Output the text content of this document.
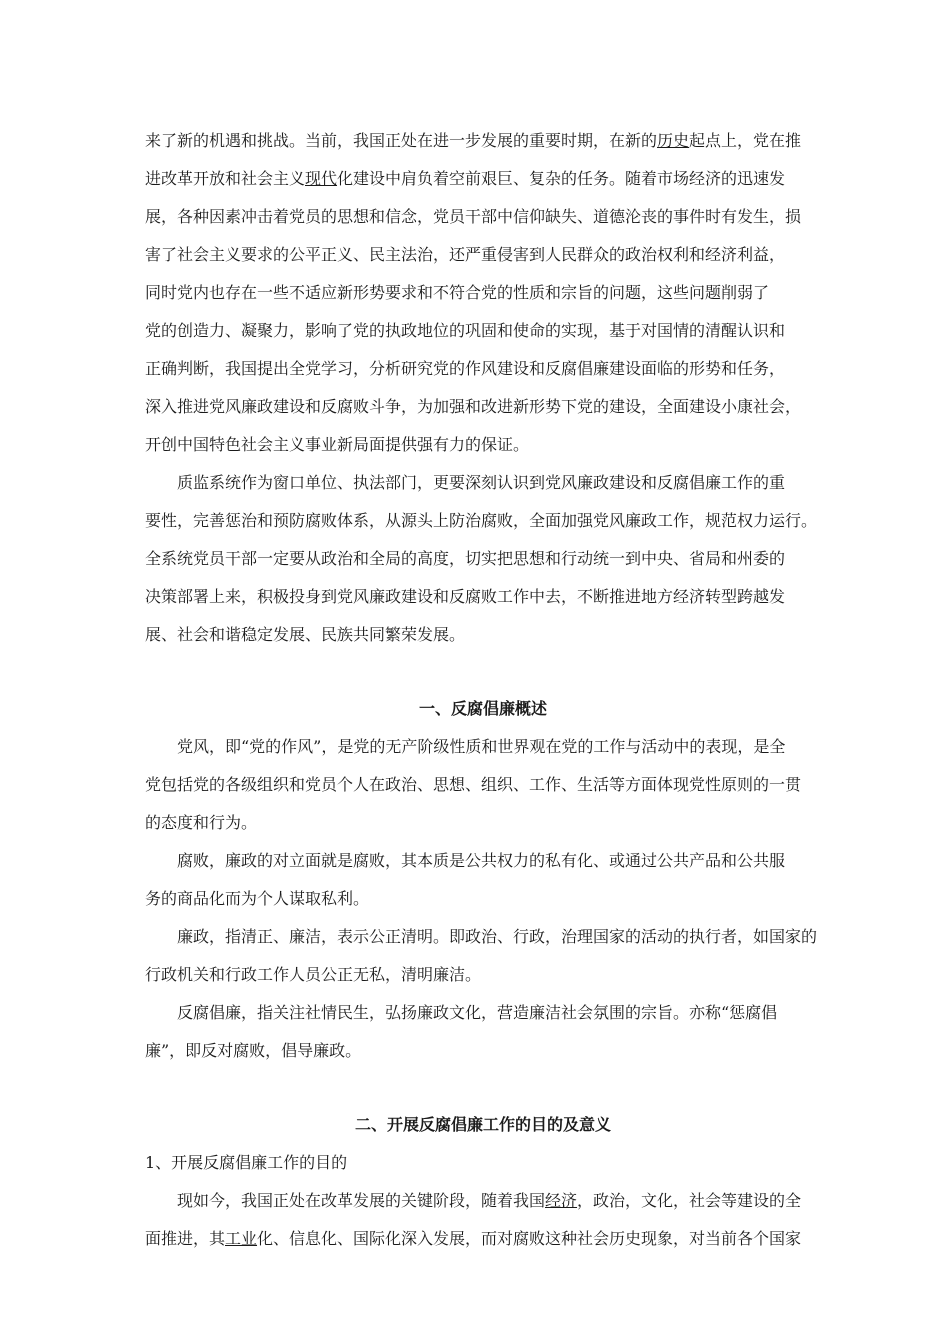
来了新的机遇和挑战。当前，我国正处在进一步发展的重要时期，在新的历史起点上，党在推
进改革开放和社会主义现代化建设中肩负着空前艰巨、复杂的任务。随着市场经济的迅速发
展，各种因素冲击着党员的思想和信念，党员干部中信仰缺失、道德沦丧的事件时有发生，损
害了社会主义要求的公平正义、民主法治，还严重侵害到人民群众的政治权利和经济利益，
同时党内也存在一些不适应新形势要求和不符合党的性质和宗旨的问题，这些问题削弱了
党的创造力、凝聚力，影响了党的执政地位的巩固和使命的实现，基于对国情的清醒认识和
正确判断，我国提出全党学习，分析研究党的作风建设和反腐倡廉建设面临的形势和任务，
深入推进党风廉政建设和反腐败斗争，为加强和改进新形势下党的建设，全面建设小康社会，
开创中国特色社会主义事业新局面提供强有力的保证。
质监系统作为窗口单位、执法部门，更要深刻认识到党风廉政建设和反腐倡廉工作的重
要性，完善惩治和预防腐败体系，从源头上防治腐败，全面加强党风廉政工作，规范权力运行。
全系统党员干部一定要从政治和全局的高度，切实把思想和行动统一到中央、省局和州委的
决策部署上来，积极投身到党风廉政建设和反腐败工作中去，不断推进地方经济转型跨越发
展、社会和谐稳定发展、民族共同繁荣发展。
一、反腐倡廉概述
党风，即“党的作风”，是党的无产阶级性质和世界观在党的工作与活动中的表现，是全
党包括党的各级组织和党员个人在政治、思想、组织、工作、生活等方面体现党性原则的一贯
的态度和行为。
腐败，廉政的对立面就是腐败，其本质是公共权力的私有化、或通过公共产品和公共服
务的商品化而为个人谋取私利。
廉政，指清正、廉洁，表示公正清明。即政治、行政，治理国家的活动的执行者，如国家的
行政机关和行政工作人员公正无私，清明廉洁。
反腐倡廉，指关注社情民生，弘扬廉政文化，营造廉洁社会氛围的宗旨。亦称“惩腐倡
廉”，即反对腐败，倡导廉政。
二、开展反腐倡廉工作的目的及意义
1、开展反腐倡廉工作的目的
现如今，我国正处在改革发展的关键阶段，随着我国经济，政治，文化，社会等建设的全
面推进，其工业化、信息化、国际化深入发展，而对腐败这种社会历史现象，对当前各个国家
